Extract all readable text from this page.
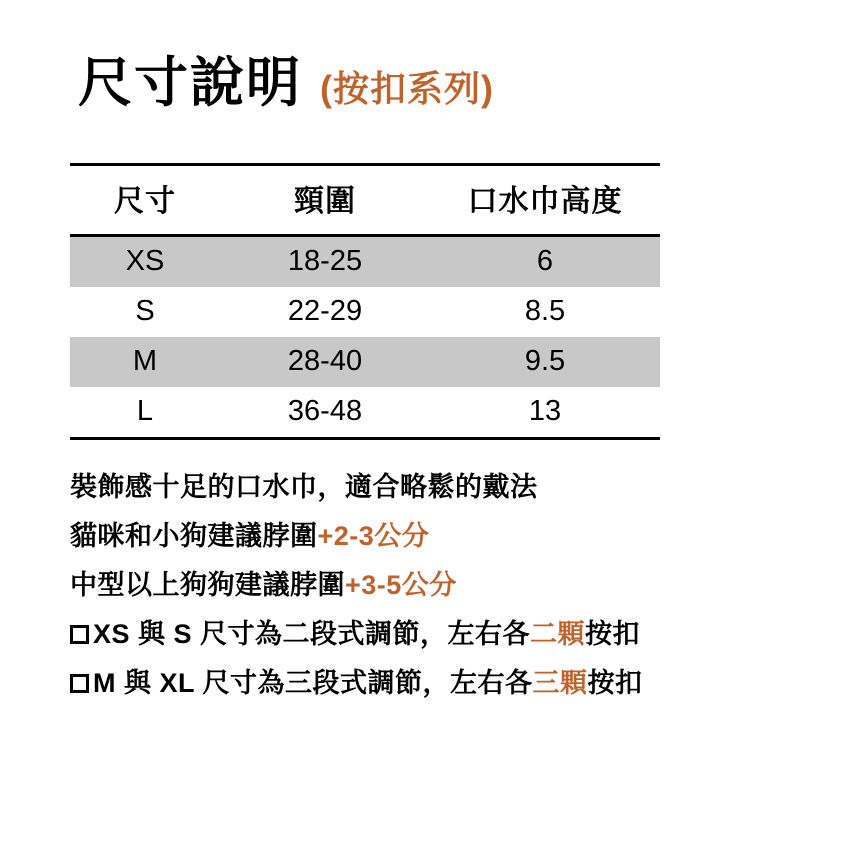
尺寸說明 (按扣系列)
尺寸	頸圍	口水巾高度
XS	18-25	6
S	22-29	8.5
M	28-40	9.5
L	36-48	13
裝飾感十足的口水巾，適合略鬆的戴法
貓咪和小狗建議脖圍+2-3公分
中型以上狗狗建議脖圍+3-5公分
XS 與 S 尺寸為二段式調節，左右各二顆按扣
M 與 XL 尺寸為三段式調節，左右各三顆按扣
